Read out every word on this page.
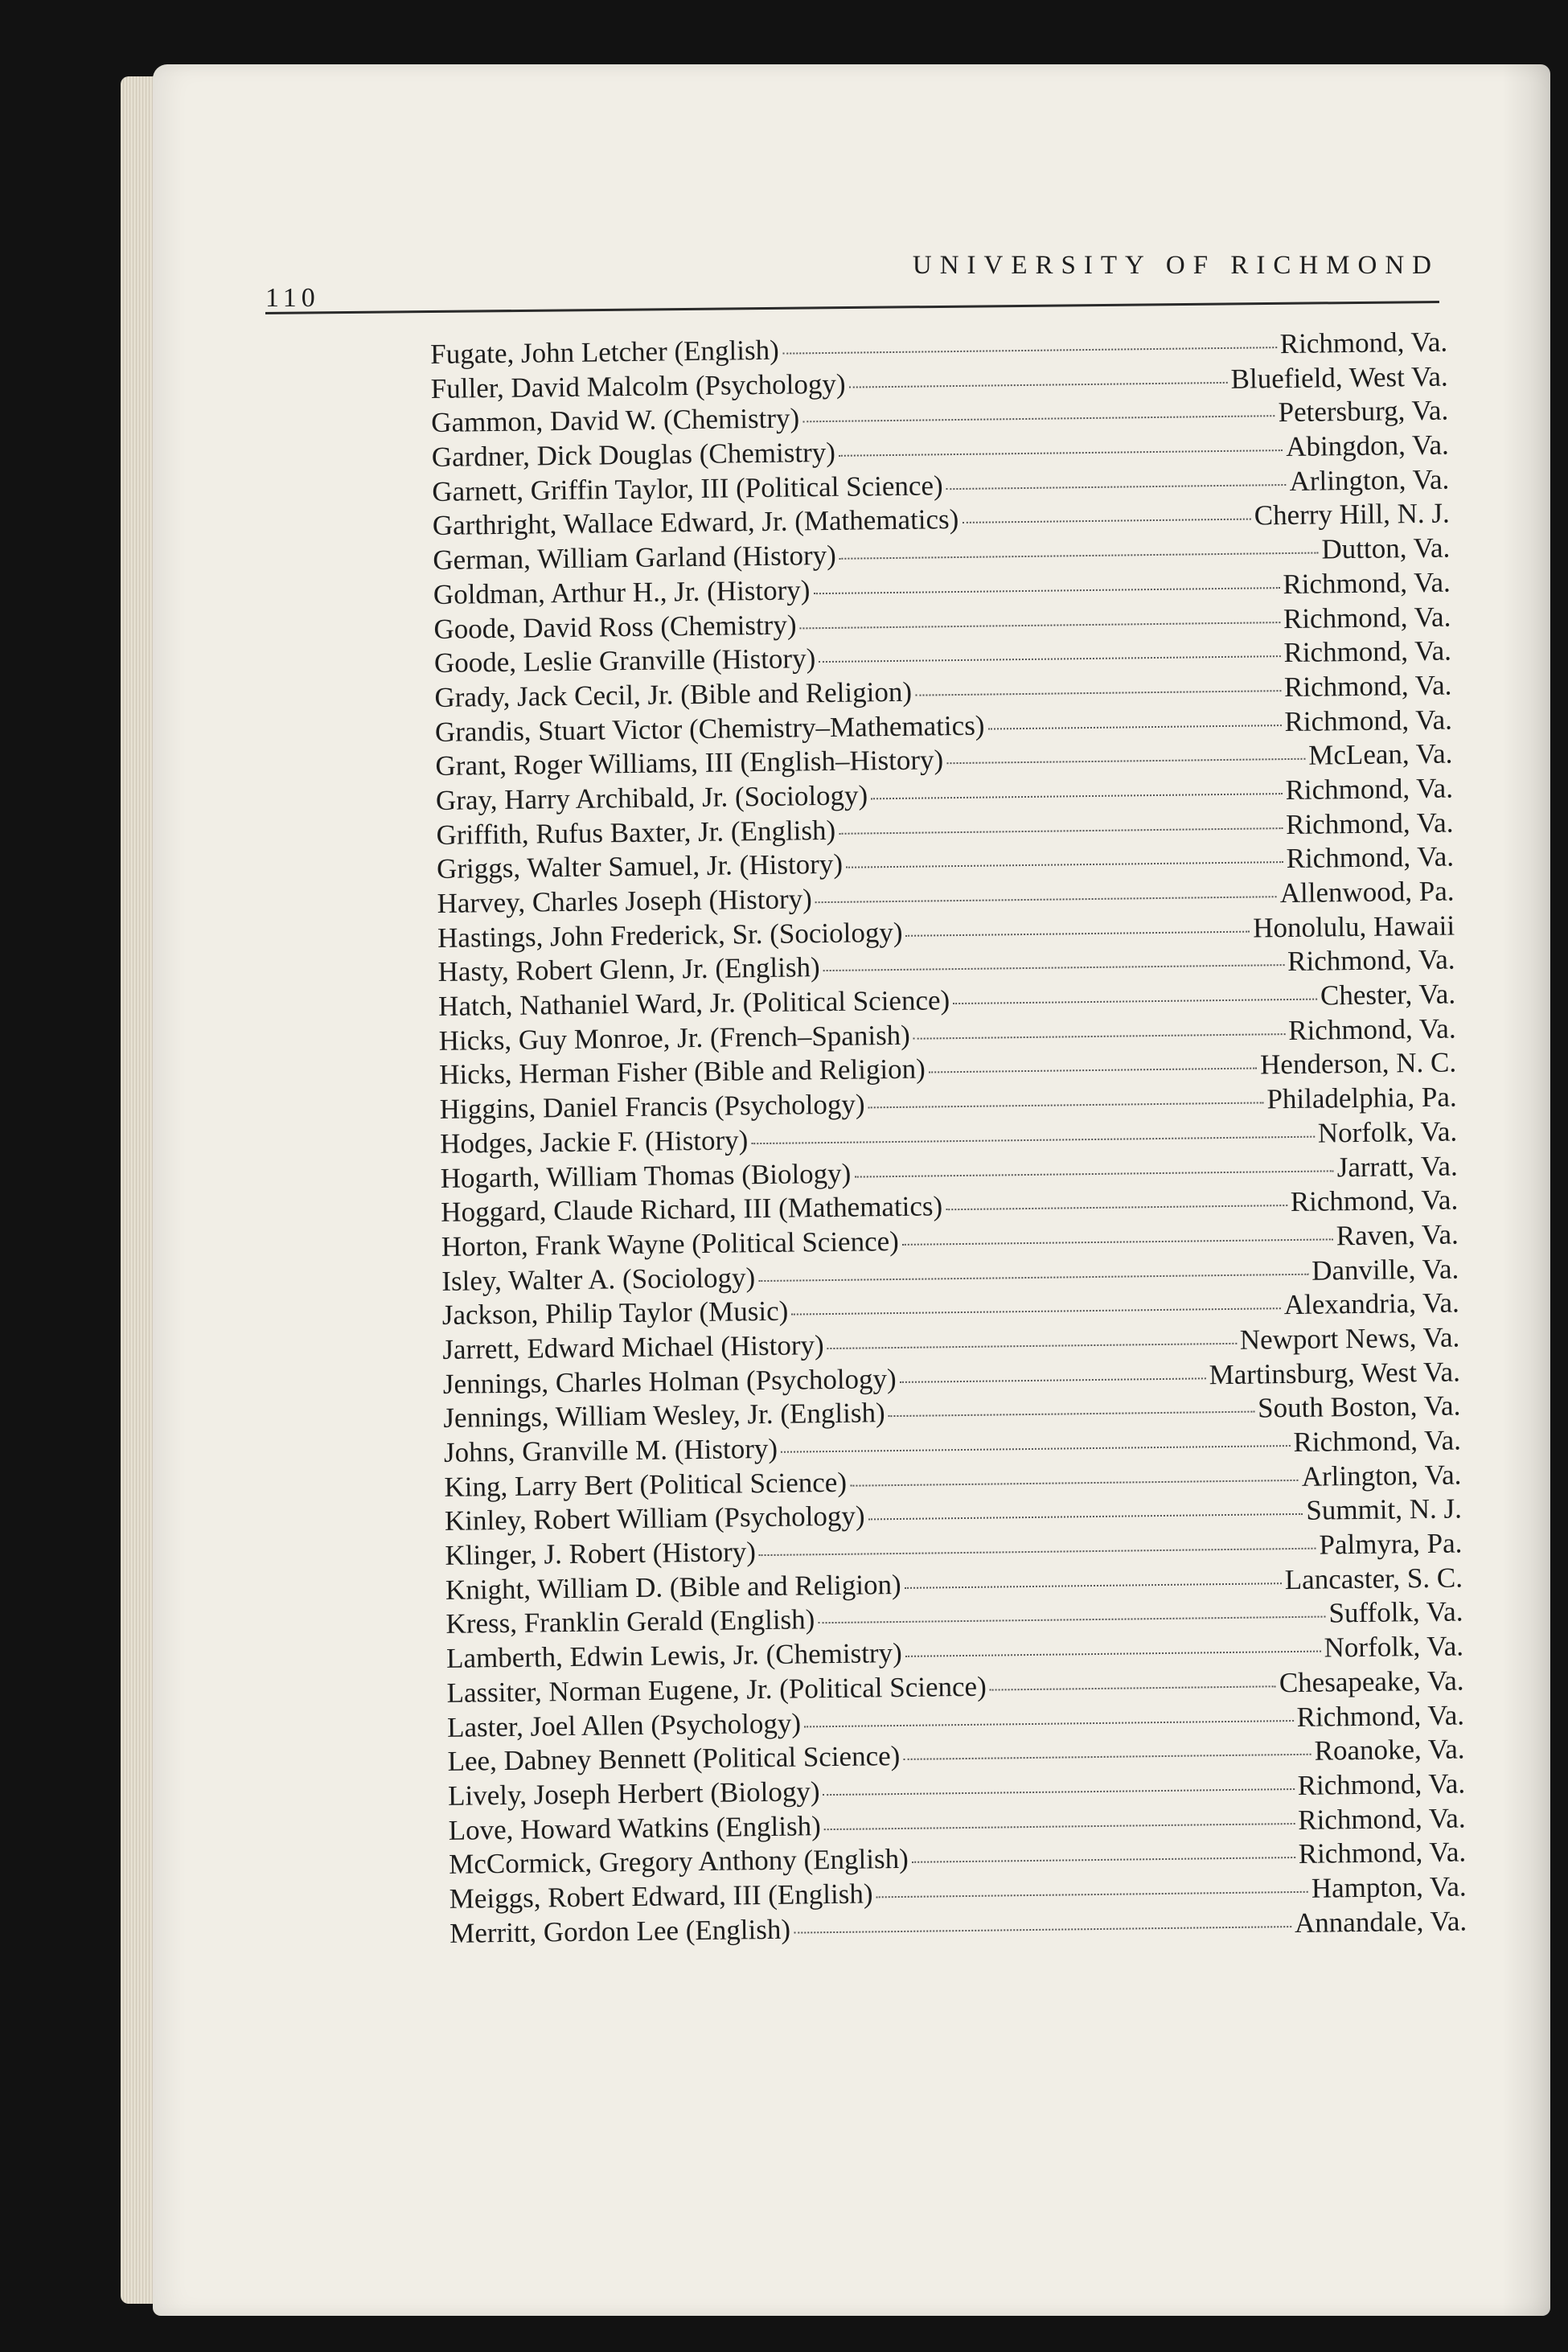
110
UNIVERSITY OF RICHMOND
Fugate, John Letcher (English)	Richmond, Va.
Fuller, David Malcolm (Psychology)	Bluefield, West Va.
Gammon, David W. (Chemistry)	Petersburg, Va.
Gardner, Dick Douglas (Chemistry)	Abingdon, Va.
Garnett, Griffin Taylor, III (Political Science)	Arlington, Va.
Garthright, Wallace Edward, Jr. (Mathematics)	Cherry Hill, N. J.
German, William Garland (History)	Dutton, Va.
Goldman, Arthur H., Jr. (History)	Richmond, Va.
Goode, David Ross (Chemistry)	Richmond, Va.
Goode, Leslie Granville (History)	Richmond, Va.
Grady, Jack Cecil, Jr. (Bible and Religion)	Richmond, Va.
Grandis, Stuart Victor (Chemistry–Mathematics)	Richmond, Va.
Grant, Roger Williams, III (English–History)	McLean, Va.
Gray, Harry Archibald, Jr. (Sociology)	Richmond, Va.
Griffith, Rufus Baxter, Jr. (English)	Richmond, Va.
Griggs, Walter Samuel, Jr. (History)	Richmond, Va.
Harvey, Charles Joseph (History)	Allenwood, Pa.
Hastings, John Frederick, Sr. (Sociology)	Honolulu, Hawaii
Hasty, Robert Glenn, Jr. (English)	Richmond, Va.
Hatch, Nathaniel Ward, Jr. (Political Science)	Chester, Va.
Hicks, Guy Monroe, Jr. (French–Spanish)	Richmond, Va.
Hicks, Herman Fisher (Bible and Religion)	Henderson, N. C.
Higgins, Daniel Francis (Psychology)	Philadelphia, Pa.
Hodges, Jackie F. (History)	Norfolk, Va.
Hogarth, William Thomas (Biology)	Jarratt, Va.
Hoggard, Claude Richard, III (Mathematics)	Richmond, Va.
Horton, Frank Wayne (Political Science)	Raven, Va.
Isley, Walter A. (Sociology)	Danville, Va.
Jackson, Philip Taylor (Music)	Alexandria, Va.
Jarrett, Edward Michael (History)	Newport News, Va.
Jennings, Charles Holman (Psychology)	Martinsburg, West Va.
Jennings, William Wesley, Jr. (English)	South Boston, Va.
Johns, Granville M. (History)	Richmond, Va.
King, Larry Bert (Political Science)	Arlington, Va.
Kinley, Robert William (Psychology)	Summit, N. J.
Klinger, J. Robert (History)	Palmyra, Pa.
Knight, William D. (Bible and Religion)	Lancaster, S. C.
Kress, Franklin Gerald (English)	Suffolk, Va.
Lamberth, Edwin Lewis, Jr. (Chemistry)	Norfolk, Va.
Lassiter, Norman Eugene, Jr. (Political Science)	Chesapeake, Va.
Laster, Joel Allen (Psychology)	Richmond, Va.
Lee, Dabney Bennett (Political Science)	Roanoke, Va.
Lively, Joseph Herbert (Biology)	Richmond, Va.
Love, Howard Watkins (English)	Richmond, Va.
McCormick, Gregory Anthony (English)	Richmond, Va.
Meiggs, Robert Edward, III (English)	Hampton, Va.
Merritt, Gordon Lee (English)	Annandale, Va.
